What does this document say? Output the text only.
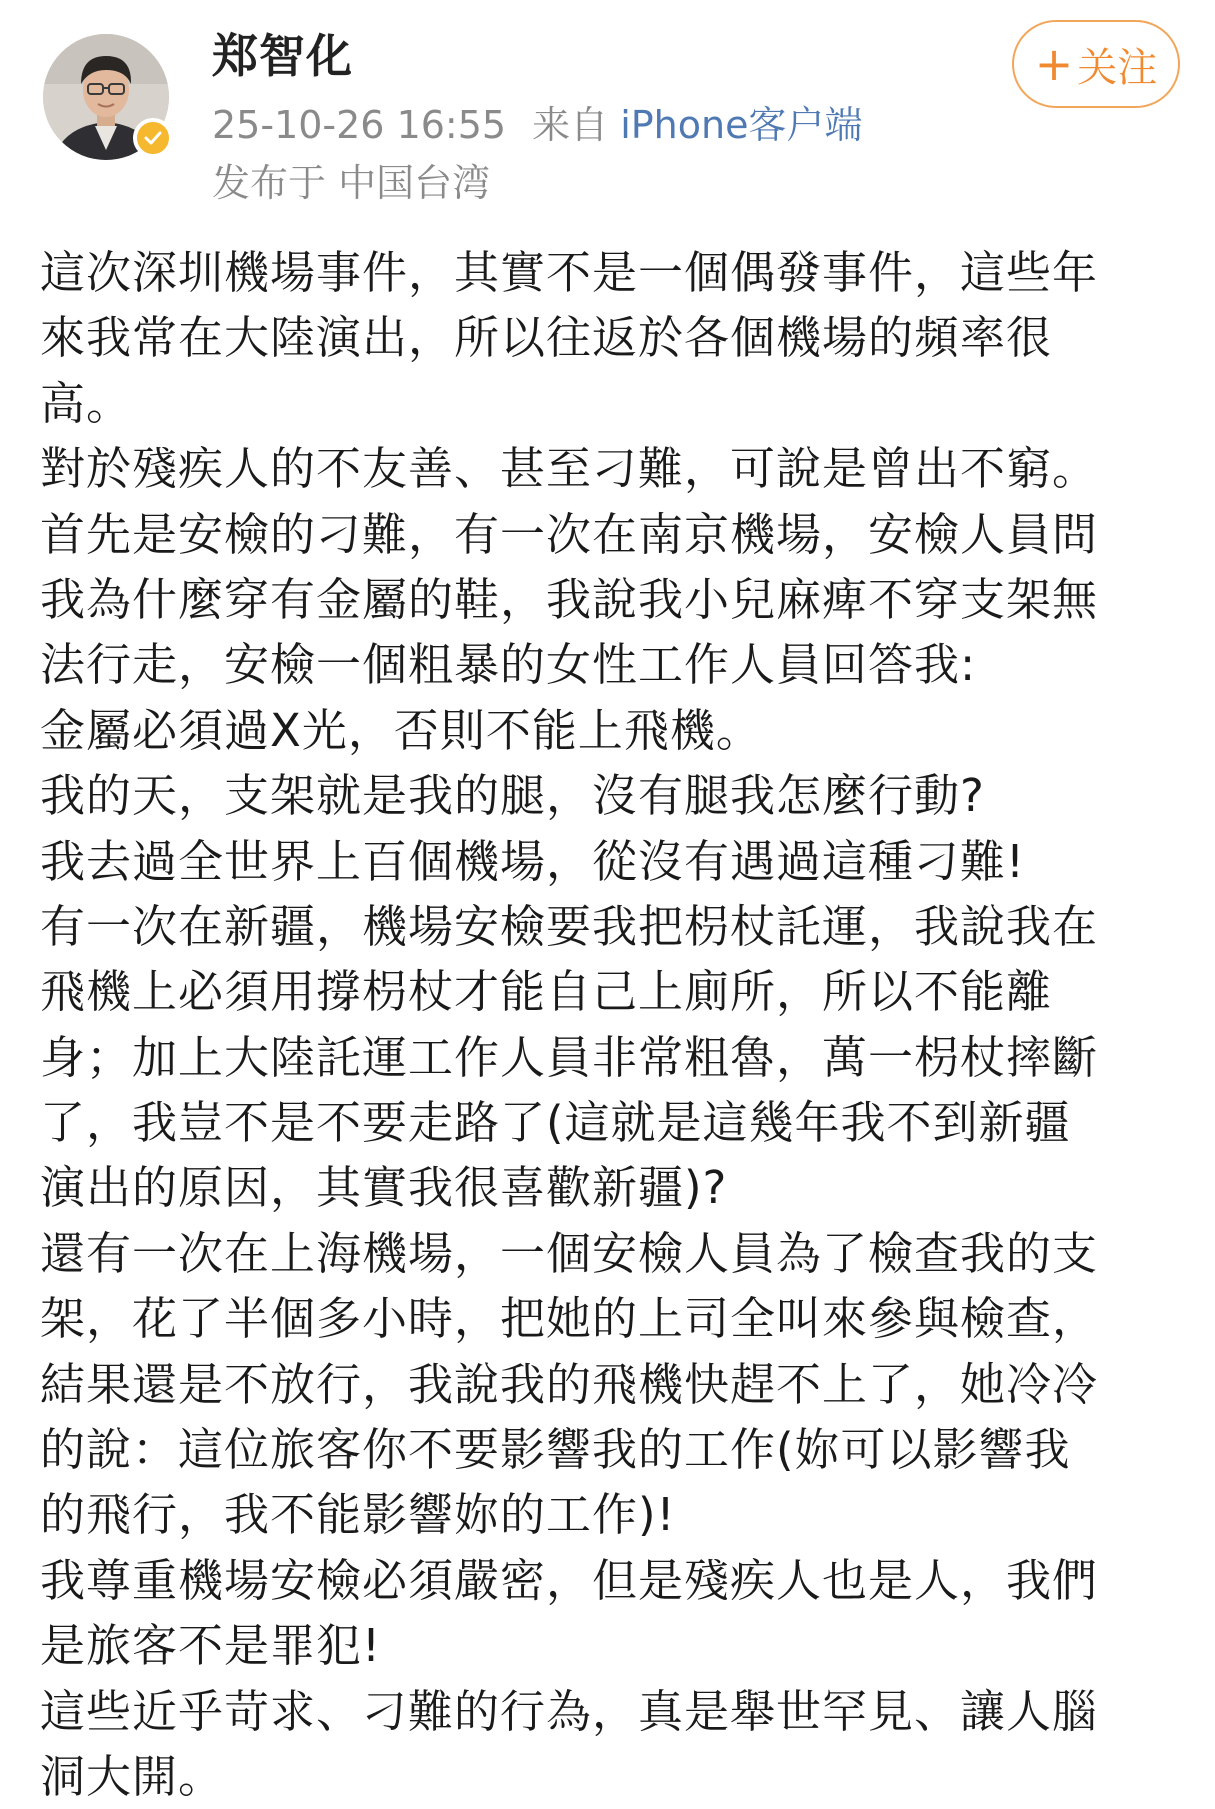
郑智化
25-10-26 16:55 来自 iPhone客户端
发布于 中国台湾
+ 关注
這次深圳機場事件，其實不是一個偶發事件，這些年
來我常在大陸演出，所以往返於各個機場的頻率很
高。
對於殘疾人的不友善、甚至刁難，可說是曾出不窮。
首先是安檢的刁難，有一次在南京機場，安檢人員問
我為什麼穿有金屬的鞋，我說我小兒麻痺不穿支架無
法行走，安檢一個粗暴的女性工作人員回答我:
金屬必須過X光，否則不能上飛機。
我的天，支架就是我的腿，沒有腿我怎麼行動?
我去過全世界上百個機場，從沒有遇過這種刁難!
有一次在新疆，機場安檢要我把枴杖託運，我說我在
飛機上必須用撐枴杖才能自己上廁所，所以不能離
身；加上大陸託運工作人員非常粗魯，萬一枴杖摔斷
了，我豈不是不要走路了(這就是這幾年我不到新疆
演出的原因，其實我很喜歡新疆)?
還有一次在上海機場，一個安檢人員為了檢查我的支
架，花了半個多小時，把她的上司全叫來參與檢查，
結果還是不放行，我說我的飛機快趕不上了，她冷冷
的說：這位旅客你不要影響我的工作(妳可以影響我
的飛行，我不能影響妳的工作)!
我尊重機場安檢必須嚴密，但是殘疾人也是人，我們
是旅客不是罪犯!
這些近乎苛求、刁難的行為，真是舉世罕見、讓人腦
洞大開。
